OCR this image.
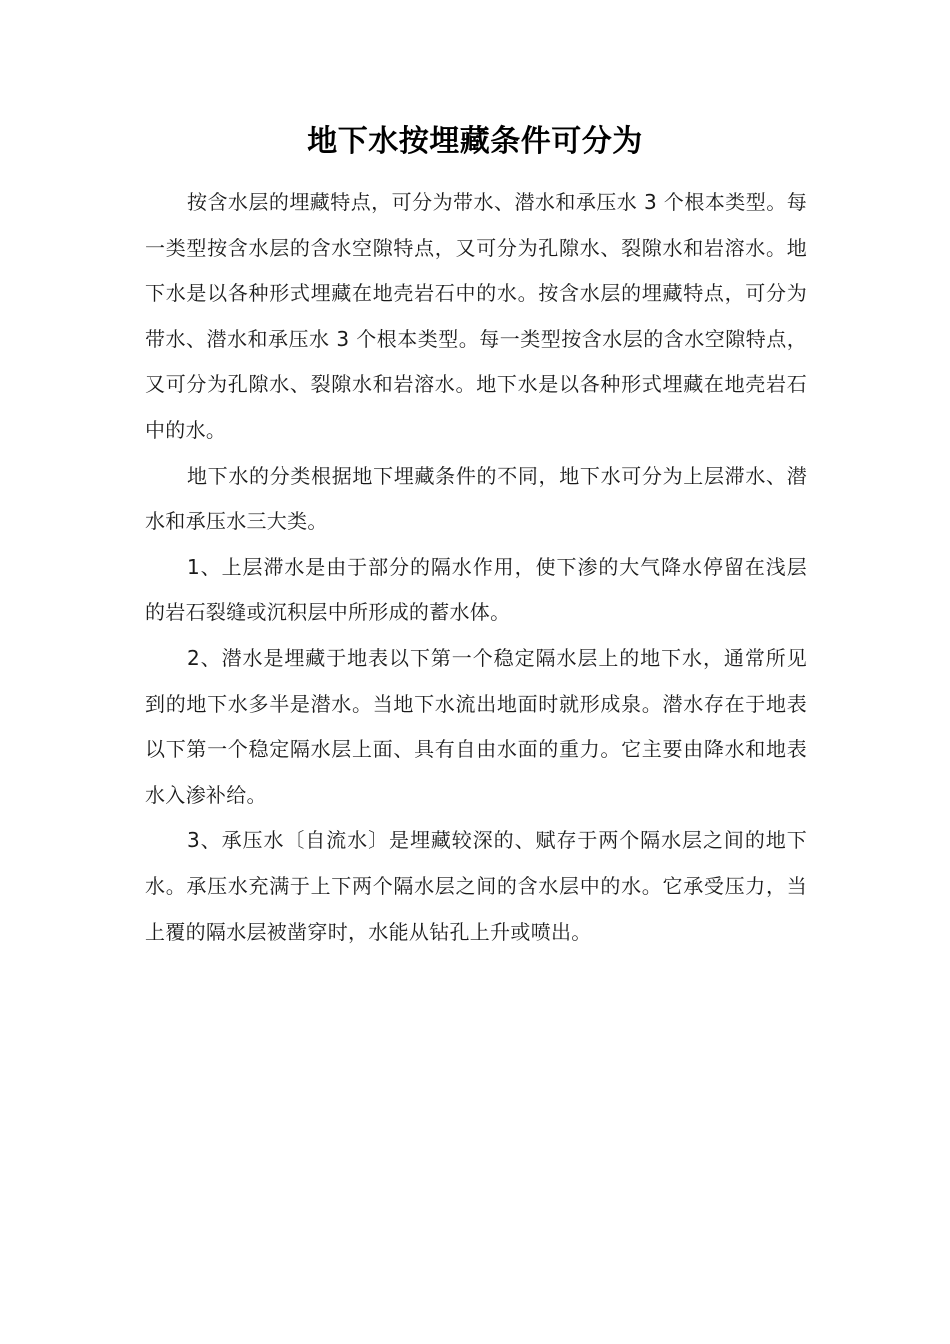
地下水按埋藏条件可分为

按含水层的埋藏特点，可分为带水、潜水和承压水 3 个根本类型。每一类型按含水层的含水空隙特点，又可分为孔隙水、裂隙水和岩溶水。地下水是以各种形式埋藏在地壳岩石中的水。按含水层的埋藏特点，可分为带水、潜水和承压水 3 个根本类型。每一类型按含水层的含水空隙特点，又可分为孔隙水、裂隙水和岩溶水。地下水是以各种形式埋藏在地壳岩石中的水。

地下水的分类根据地下埋藏条件的不同，地下水可分为上层滞水、潜水和承压水三大类。

1、上层滞水是由于部分的隔水作用，使下渗的大气降水停留在浅层的岩石裂缝或沉积层中所形成的蓄水体。

2、潜水是埋藏于地表以下第一个稳定隔水层上的地下水，通常所见到的地下水多半是潜水。当地下水流出地面时就形成泉。潜水存在于地表以下第一个稳定隔水层上面、具有自由水面的重力。它主要由降水和地表水入渗补给。

3、承压水〔自流水〕是埋藏较深的、赋存于两个隔水层之间的地下水。承压水充满于上下两个隔水层之间的含水层中的水。它承受压力，当上覆的隔水层被凿穿时，水能从钻孔上升或喷出。
